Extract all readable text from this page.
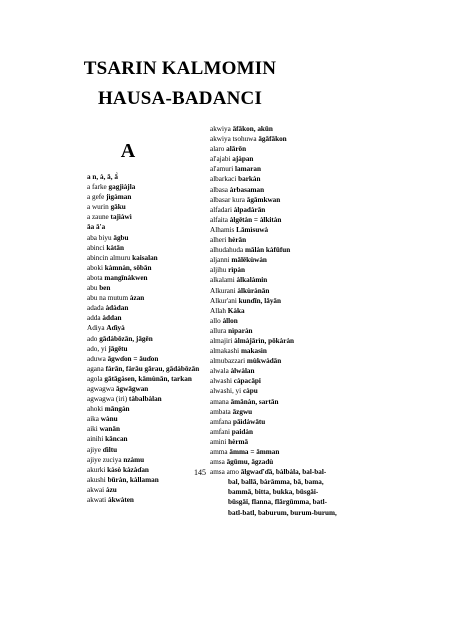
TSARIN KALMOMIN
HAUSA-BADANCI
A
a n, à, ā, ā̀
a farke gagjìàjla
a gefe jìgàman
a wurin gāku
a zaune tajìàwì
āa ā'a
aba biyu āgbu
abinci kàtān
abincin almuru kaisalan
aboki kàmnàn, sōbān
abota mangīnàkwen
abu ben
abu na mutum àzan
adada àdàdan
adda àddan
Adiya Aɗìyà
ado gādàbōzān, jāgēn
ado, yi jāgētu
aduwa āgwɗon = āuɗon
agana fàrān, fàrāu gārau, gādàbōzān
agola gātāgàsen, kāmùnān, tarkan
agwagwa āgwāgwan
agwagwa (iri) tàbalbàlan
ahoki māngàn
aika wànu
aiki wanān
ainihi kāncan
ajiye ɗìltu
ajiye zuciya nzàmu
akurki kàsò kàzàɗan
akushi būràn, kàllaman
akwai àzu
akwati àkwàten
akwiya āfākon, akūn
akwiya tsohuwa āgāfākon
alaro alārōn
al'ajabi ajàpan
al'amuri lamaran
albarkaci barkàn
albasa àrbasaman
albasar kura āgāmkwan
alfadari àlpadàrān
alfaita àlgētàn = àlkitàn
Alhamis Lāmìsuwà
alheri hèrān
alhudahuda mālàn kàfūfun
aljanni mālēkùwàn
aljihu rìpàn
alkalami àlkalàmin
Alkurani àlkùrànān
Alkur'ani kunɗīn, lāyān
Allah Kàka
allo àllon
allura nìparàn
almajiri àlmàjārìn, pōkàràn
almakashi makasìn
almubazzari mùkwàdān
alwala àlwàlan
alwashi càpacāpi
alwashi, yi càpu
amana āmānàn, sartān
ambata āzgwu
amfana pāìdàwātu
amfani paidàn
amini hèrmā
amma āmma = āmman
amsa āgūmu, āgzadù
amsa amo ālgwaɗ'ɗā, bàlbàla, bal-bal-
bal, ballā, bàrāmma, bā, bama,
bammā, bitta, bukka, būsgāi-
būsgāi, flanna, flārgūmma, batl-
batl-batl, baburum, burum-burum,
145
